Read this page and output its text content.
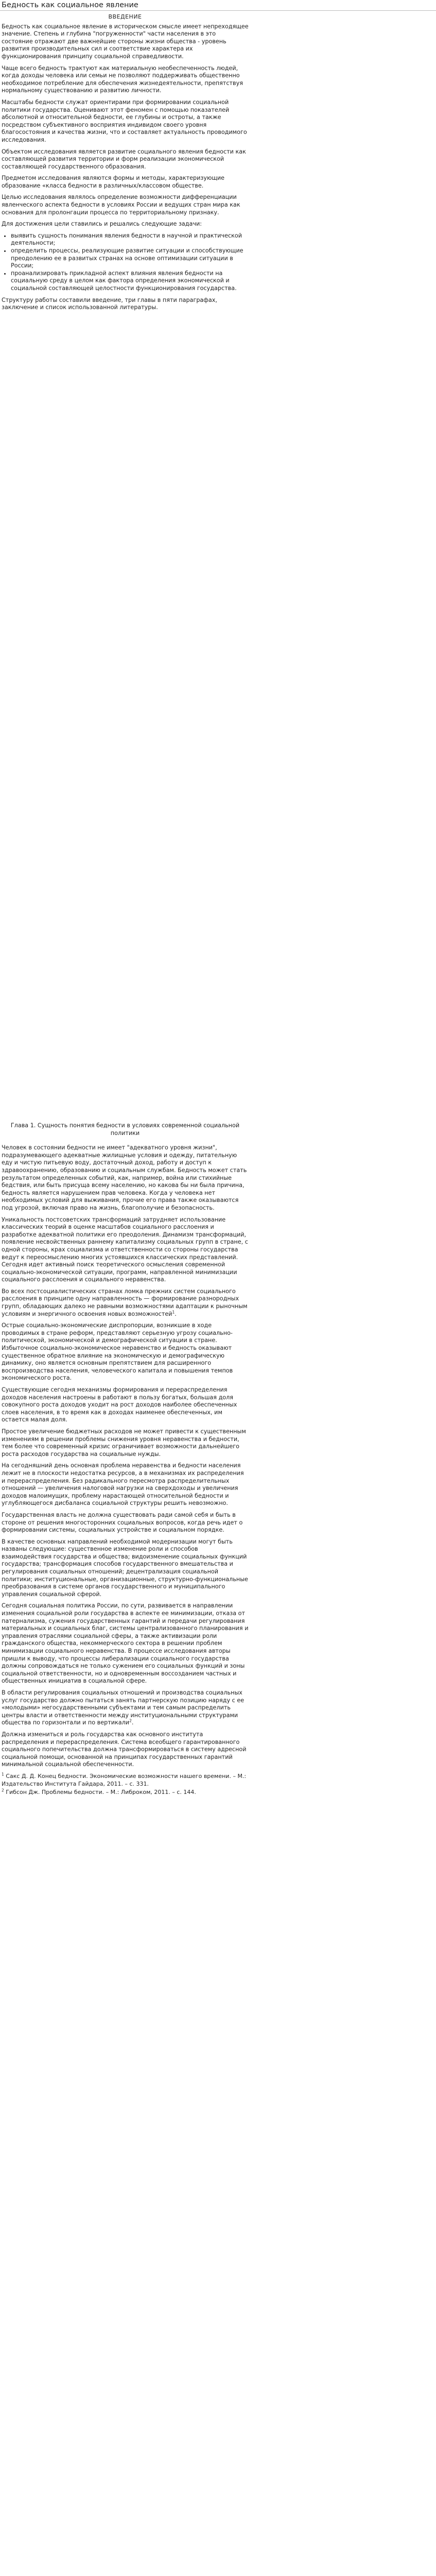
Бедность как социальное явление

ВВЕДЕНИЕ

Бедность как социальное явление в историческом смысле имеет непреходящее значение. Степень и глубина "погруженности" части населения в это состояние отражают две важнейшие стороны жизни общества - уровень развития производительных сил и соответствие характера их функционирования принципу социальной справедливости.

Чаще всего бедность трактуют как материальную необеспеченность людей, когда доходы человека или семьи не позволяют поддерживать общественно необходимое потребление для обеспечения жизнедеятельности, препятствуя нормальному существованию и развитию личности.

Масштабы бедности служат ориентирами при формировании социальной политики государства. Оценивают этот феномен с помощью показателей абсолютной и относительной бедности, ее глубины и остроты, а также посредством субъективного восприятия индивидом своего уровня благосостояния и качества жизни, что и составляет актуальность проводимого исследования.

Объектом исследования является развитие социального явления бедности как составляющей развития территории и форм реализации экономической составляющей государственного образования.

Предметом исследования являются формы и методы, характеризующие образование «класса бедности в различных/классовом обществе.

Целью исследования являлось определение возможности дифференциации явленческого аспекта бедности в условиях России и ведущих стран мира как основания для пролонгации процесса по территориальному признаку.

Для достижения цели ставились и решались следующие задачи:

• выявить сущность понимания явления бедности в научной и практической деятельности;
• определить процессы, реализующие развитие ситуации и способствующие преодолению ее в развитых странах на основе оптимизации ситуации в России;
• проанализировать прикладной аспект влияния явления бедности на социальную среду в целом как фактора определения экономической и социальной составляющей целостности функционирования государства.

Структуру работы составили введение, три главы в пяти параграфах, заключение и список использованной литературы.

Глава 1. Сущность понятия бедности в условиях современной социальной политики

Человек в состоянии бедности не имеет "адекватного уровня жизни", подразумевающего адекватные жилищные условия и одежду, питательную еду и чистую питьевую воду, достаточный доход, работу и доступ к здравоохранению, образованию и социальным службам. Бедность может стать результатом определенных событий, как, например, война или стихийные бедствия, или быть присуща всему населению, но какова бы ни была причина, бедность является нарушением прав человека. Когда у человека нет необходимых условий для выживания, прочие его права также оказываются под угрозой, включая право на жизнь, благополучие и безопасность.

Уникальность постсоветских трансформаций затрудняет использование классических теорий в оценке масштабов социального расслоения и разработке адекватной политики его преодоления. Динамизм трансформаций, появление несвойственных раннему капитализму социальных групп в стране, с одной стороны, крах социализма и ответственности со стороны государства ведут к переосмыслению многих устоявшихся классических представлений. Сегодня идет активный поиск теоретического осмысления современной социально-экономической ситуации, программ, направленной минимизации социального расслоения и социального неравенства.

Во всех постсоциалистических странах ломка прежних систем социального расслоения в принципе одну направленность — формирование разнородных групп, обладающих далеко не равными возможностями адаптации к рыночным условиям и энергичного освоения новых возможностей$^1$.

Острые социально-экономические диспропорции, возникшие в ходе проводимых в стране реформ, представляют серьезную угрозу социально-политической, экономической и демографической ситуации в стране. Избыточное социально-экономическое неравенство и бедность оказывают существенное обратное влияние на экономическую и демографическую динамику, оно является основным препятствием для расширенного воспроизводства населения, человеческого капитала и повышения темпов экономического роста.

Существующие сегодня механизмы формирования и перераспределения доходов населения настроены в работают в пользу богатых, большая доля совокупного роста доходов уходит на рост доходов наиболее обеспеченных слоев населения, в то время как в доходах наименее обеспеченных, им остается малая доля.

Простое увеличение бюджетных расходов не может привести к существенным изменениям в решении проблемы снижения уровня неравенства и бедности, тем более что современный кризис ограничивает возможности дальнейшего роста расходов государства на социальные нужды.

На сегодняшний день основная проблема неравенства и бедности населения лежит не в плоскости недостатка ресурсов, а в механизмах их распределения и перераспределения. Без радикального пересмотра распределительных отношений — увеличения налоговой нагрузки на сверхдоходы и увеличения доходов малоимущих, проблему нарастающей относительной бедности и углубляющегося дисбаланса социальной структуры решить невозможно.

Государственная власть не должна существовать ради самой себя и быть в стороне от решения многосторонних социальных вопросов, когда речь идет о формировании системы, социальных устройстве и социальном порядке.

В качестве основных направлений необходимой модернизации могут быть названы следующие: существенное изменение роли и способов взаимодействия государства и общества; видоизменение социальных функций государства; трансформация способов государственного вмешательства и регулирования социальных отношений; децентрализация социальной политики; институциональные, организационные, структурно-функциональные преобразования в системе органов государственного и муниципального управления социальной сферой.

Сегодня социальная политика России, по сути, развивается в направлении изменения социальной роли государства в аспекте ее минимизации, отказа от патернализма, сужения государственных гарантий и передачи регулирования материальных и социальных благ, системы централизованного планирования и управления отраслями социальной сферы, а также активизации роли гражданского общества, некоммерческого сектора в решении проблем минимизации социального неравенства. В процессе исследования авторы пришли к выводу, что процессы либерализации социального государства должны сопровождаться не только сужением его социальных функций и зоны социальной ответственности, но и одновременным воссозданием частных и общественных инициатив в социальной сфере.

В области регулирования социальных отношений и производства социальных услуг государство должно пытаться занять партнерскую позицию наряду с ее «молодыми» негосударственными субъектами и тем самым распределить центры власти и ответственности между институциональными структурами общества по горизонтали и по вертикали$^2$.

Должна измениться и роль государства как основного института распределения и перераспределения. Система всеобщего гарантированного социального попечительства должна трансформироваться в систему адресной социальной помощи, основанной на принципах государственных гарантий минимальной социальной обеспеченности.

$^1$ Сакс Д. Д. Конец бедности. Экономические возможности нашего времени. – М.: Издательство Института Гайдара, 2011. – с. 331.

$^2$ Гибсон Дж. Проблемы бедности. – М.: Либроком, 2011. – с. 144.
